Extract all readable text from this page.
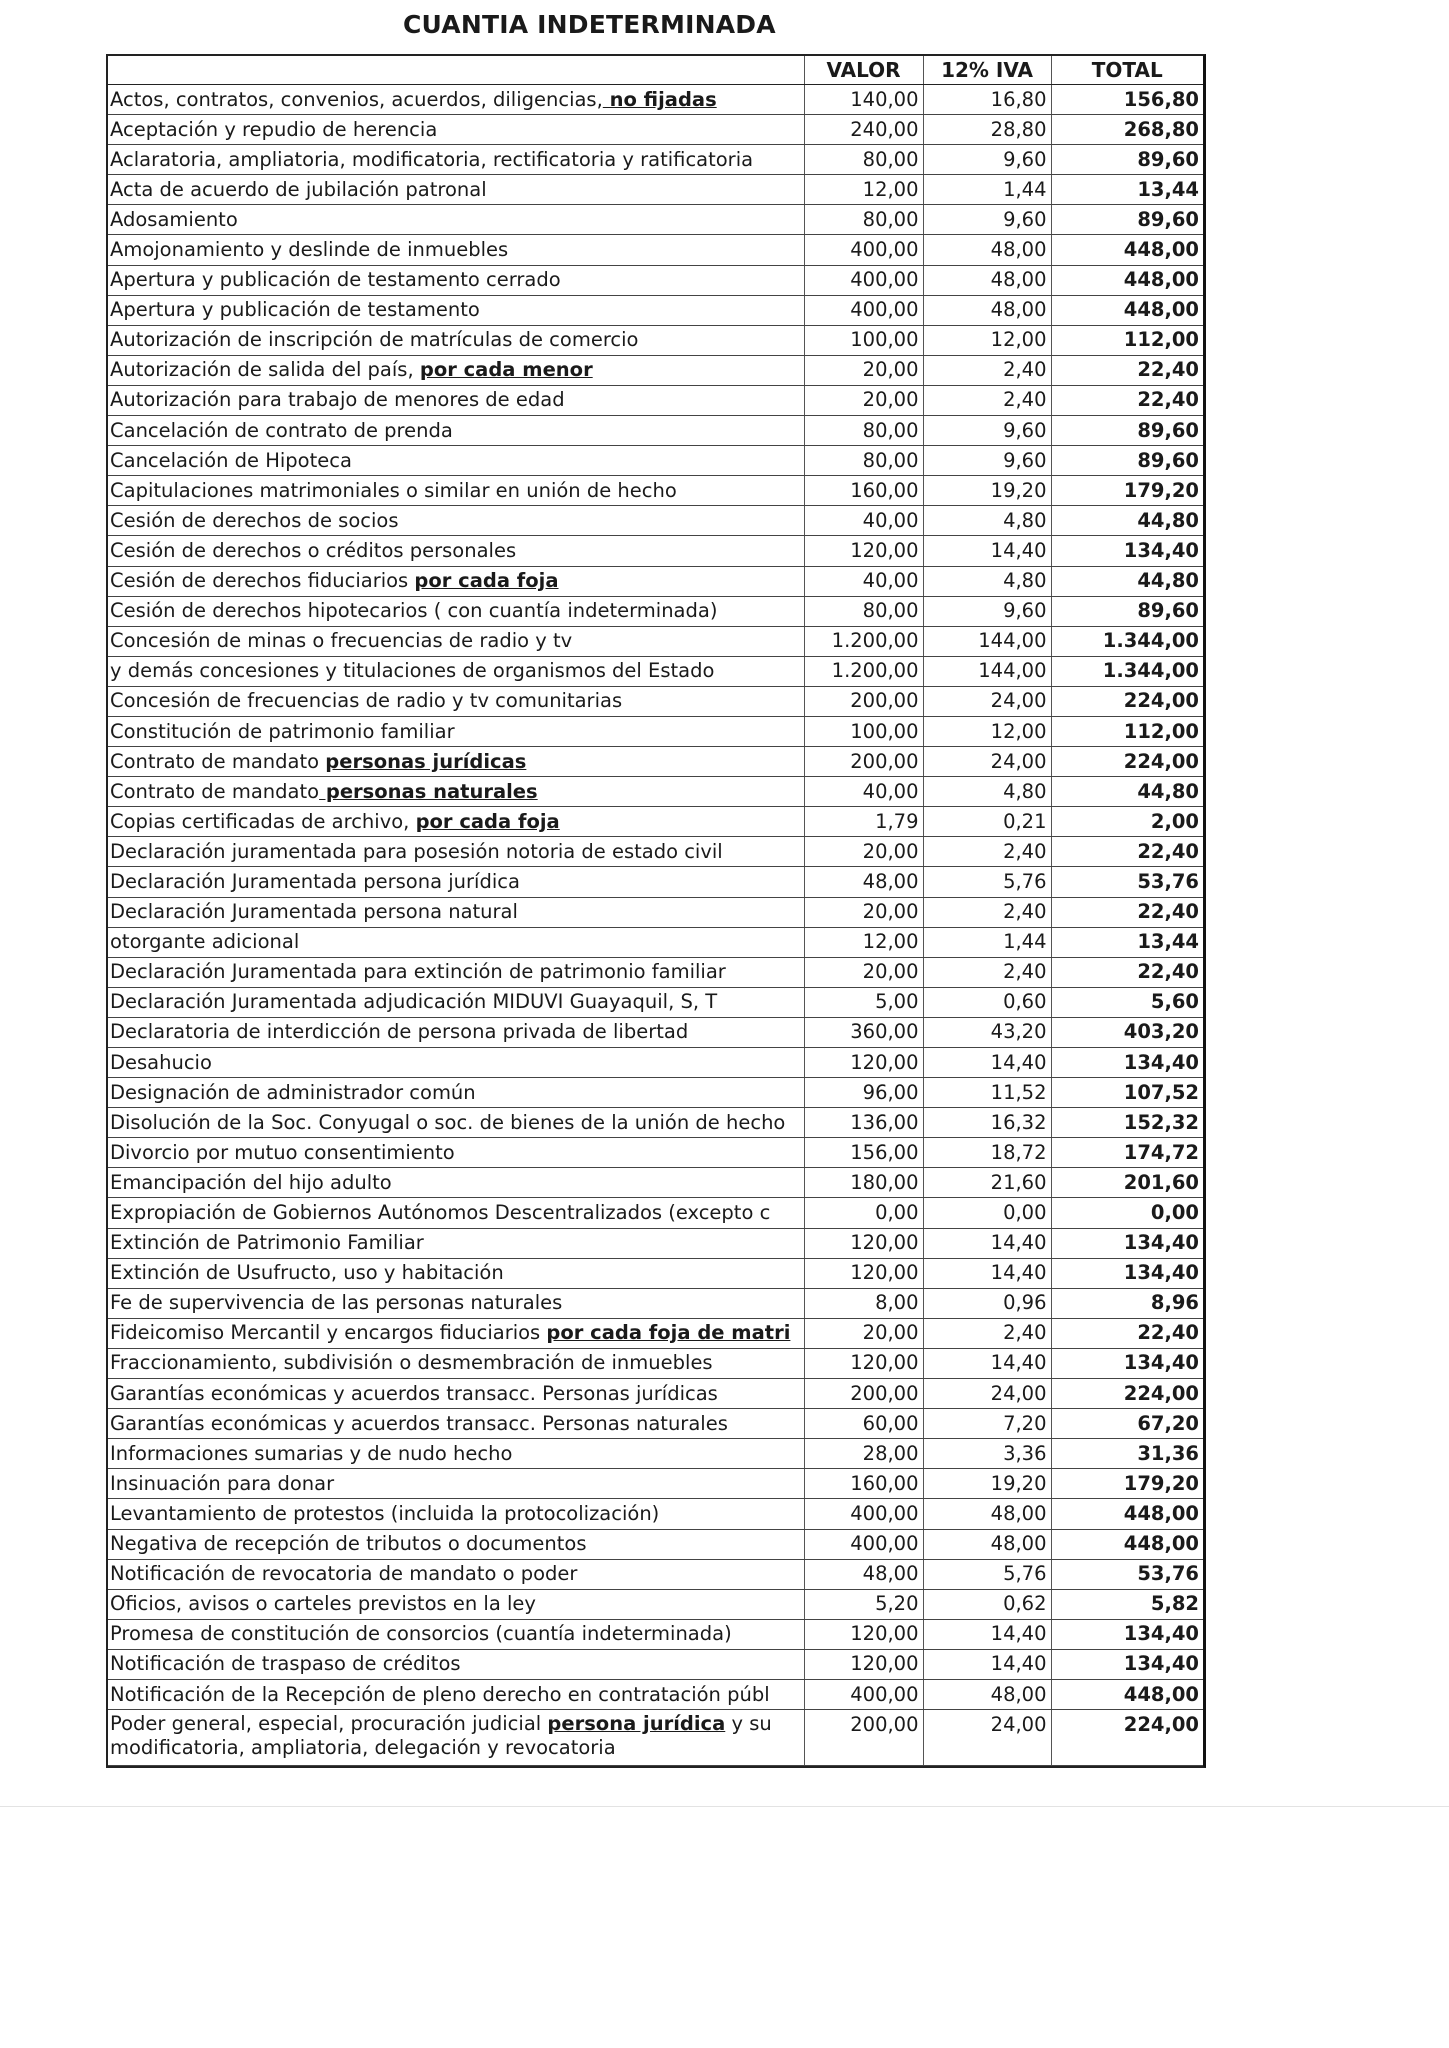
CUANTIA INDETERMINADA
	VALOR	12% IVA	TOTAL
Actos, contratos, convenios, acuerdos, diligencias, no fijadas	140,00	16,80	156,80
Aceptación y repudio de herencia	240,00	28,80	268,80
Aclaratoria, ampliatoria, modificatoria, rectificatoria y ratificatoria	80,00	9,60	89,60
Acta de acuerdo de jubilación patronal	12,00	1,44	13,44
Adosamiento	80,00	9,60	89,60
Amojonamiento y deslinde de inmuebles	400,00	48,00	448,00
Apertura y publicación de testamento cerrado	400,00	48,00	448,00
Apertura y publicación de testamento	400,00	48,00	448,00
Autorización de inscripción de matrículas de comercio	100,00	12,00	112,00
Autorización de salida del país, por cada menor	20,00	2,40	22,40
Autorización para trabajo de menores de edad	20,00	2,40	22,40
Cancelación de contrato de prenda	80,00	9,60	89,60
Cancelación de Hipoteca	80,00	9,60	89,60
Capitulaciones matrimoniales o similar en unión de hecho	160,00	19,20	179,20
Cesión de derechos de socios	40,00	4,80	44,80
Cesión de derechos o créditos personales	120,00	14,40	134,40
Cesión de derechos fiduciarios por cada foja	40,00	4,80	44,80
Cesión de derechos hipotecarios ( con cuantía indeterminada)	80,00	9,60	89,60
Concesión de minas o frecuencias de radio y tv	1.200,00	144,00	1.344,00
y demás concesiones y titulaciones de organismos del Estado	1.200,00	144,00	1.344,00
Concesión de frecuencias de radio y tv comunitarias	200,00	24,00	224,00
Constitución de patrimonio familiar	100,00	12,00	112,00
Contrato de mandato personas jurídicas	200,00	24,00	224,00
Contrato de mandato personas naturales	40,00	4,80	44,80
Copias certificadas de archivo, por cada foja	1,79	0,21	2,00
Declaración juramentada para posesión notoria de estado civil	20,00	2,40	22,40
Declaración Juramentada persona jurídica	48,00	5,76	53,76
Declaración Juramentada persona natural	20,00	2,40	22,40
otorgante adicional	12,00	1,44	13,44
Declaración Juramentada para extinción de patrimonio familiar	20,00	2,40	22,40
Declaración Juramentada adjudicación MIDUVI Guayaquil, S, T	5,00	0,60	5,60
Declaratoria de interdicción de persona privada de libertad	360,00	43,20	403,20
Desahucio	120,00	14,40	134,40
Designación de administrador común	96,00	11,52	107,52
Disolución de la Soc. Conyugal o soc. de bienes de la unión de hecho	136,00	16,32	152,32
Divorcio por mutuo consentimiento	156,00	18,72	174,72
Emancipación del hijo adulto	180,00	21,60	201,60
Expropiación de Gobiernos Autónomos Descentralizados (excepto c	0,00	0,00	0,00
Extinción de Patrimonio Familiar	120,00	14,40	134,40
Extinción de Usufructo, uso y habitación	120,00	14,40	134,40
Fe de supervivencia de las personas naturales	8,00	0,96	8,96
Fideicomiso Mercantil y encargos fiduciarios por cada foja de matri	20,00	2,40	22,40
Fraccionamiento, subdivisión o desmembración de inmuebles	120,00	14,40	134,40
Garantías económicas y acuerdos transacc. Personas jurídicas	200,00	24,00	224,00
Garantías económicas y acuerdos transacc. Personas naturales	60,00	7,20	67,20
Informaciones sumarias y de nudo hecho	28,00	3,36	31,36
Insinuación para donar	160,00	19,20	179,20
Levantamiento de protestos (incluida la protocolización)	400,00	48,00	448,00
Negativa de recepción de tributos o documentos	400,00	48,00	448,00
Notificación de revocatoria de mandato o poder	48,00	5,76	53,76
Oficios, avisos o carteles previstos en la ley	5,20	0,62	5,82
Promesa de constitución de consorcios (cuantía indeterminada)	120,00	14,40	134,40
Notificación de traspaso de créditos	120,00	14,40	134,40
Notificación de la Recepción de pleno derecho en contratación públ	400,00	48,00	448,00
Poder general, especial, procuración judicial persona jurídica y su modificatoria, ampliatoria, delegación y revocatoria	200,00	24,00	224,00
